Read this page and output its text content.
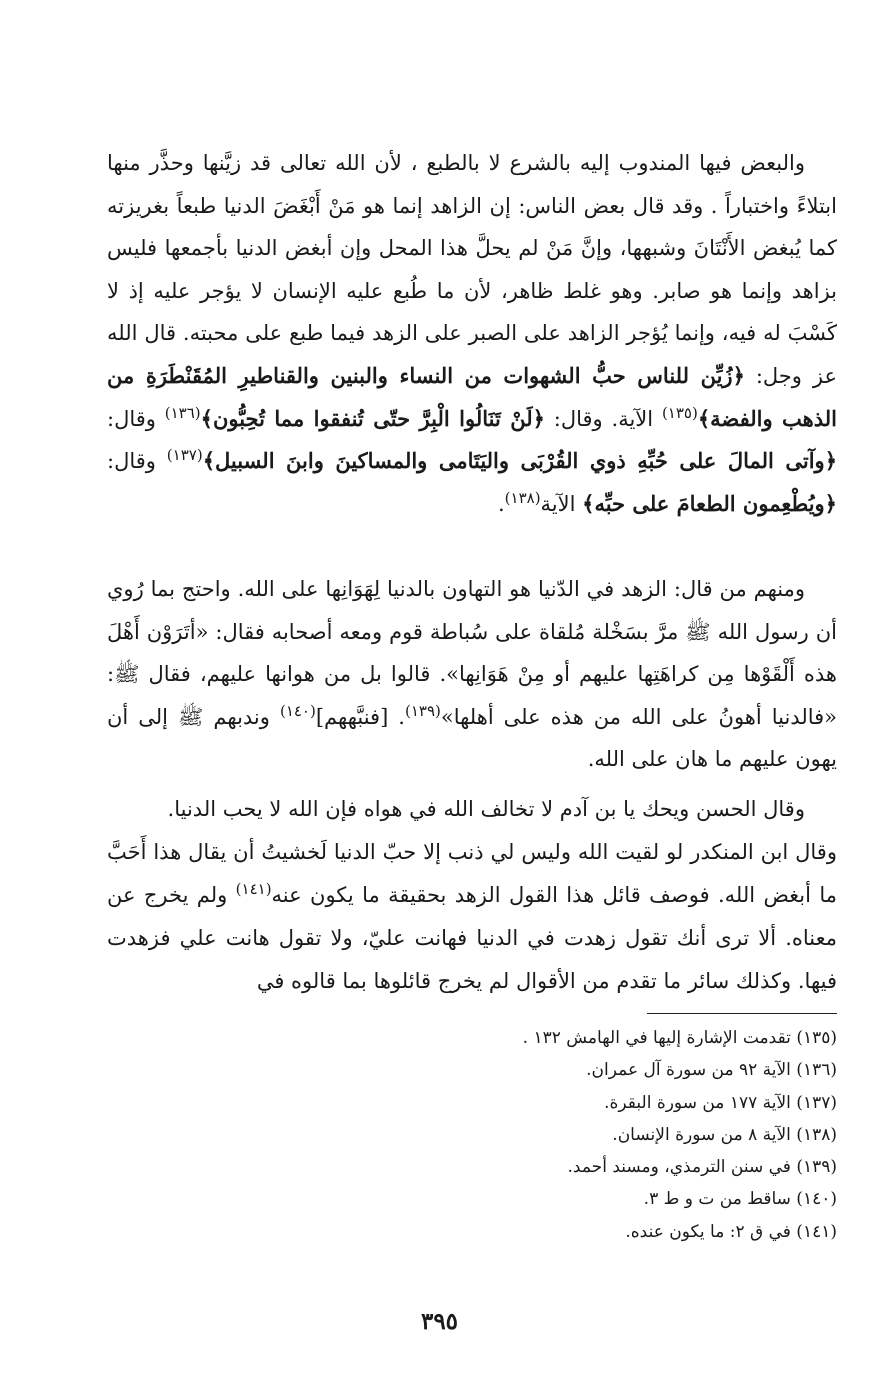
والبعض فيها المندوب إليه بالشرع لا بالطبع ، لأن الله تعالى قد زيَّنها وحذَّر منها ابتلاءً واختباراً . وقد قال بعض الناس: إن الزاهد إنما هو مَنْ أَبْغَضَ الدنيا طبعاً بغريزته كما يُبغض الأَنْتَانَ وشبهها، وإنَّ مَنْ لم يحلَّ هذا المحل وإن أبغض الدنيا بأجمعها فليس بزاهد وإنما هو صابر. وهو غلط ظاهر، لأن ما طُبع عليه الإنسان لا يؤجر عليه إذ لا كَسْبَ له فيه، وإنما يُؤجر الزاهد على الصبر على الزهد فيما طبع على محبته. قال الله عز وجل: ﴿زُيِّن للناس حبُّ الشهوات من النساء والبنين والقناطيرِ المُقَنْطَرَةِ من الذهب والفضة﴾$^{(١٣٥)}$ الآية. وقال: ﴿لَنْ تَنَالُوا الْبِرَّ حتّى تُنفقوا مما تُحِبُّون﴾$^{(١٣٦)}$ وقال: ﴿وآتى المالَ على حُبِّهِ ذوي القُرْبَى واليَتَامى والمساكينَ وابنَ السبيل﴾$^{(١٣٧)}$ وقال: ﴿ويُطْعِمون الطعامَ على حبِّه﴾ الآية$^{(١٣٨)}$.

ومنهم من قال: الزهد في الدّنيا هو التهاون بالدنيا لِهَوَانِها على الله. واحتج بما رُوي أن رسول الله ﷺ مرَّ بسَخْلة مُلقاة على سُباطة قوم ومعه أصحابه فقال: «أتَرَوْن أَهْلَ هذه أَلْقَوْها مِن كراهَتِها عليهم أو مِنْ هَوَانِها». قالوا بل من هوانها عليهم، فقال ﷺ: «فالدنيا أهونُ على الله من هذه على أهلها»$^{(١٣٩)}$. [فنبَّههم]$^{(١٤٠)}$ وندبهم ﷺ إلى أن يهون عليهم ما هان على الله.

وقال الحسن ويحك يا بن آدم لا تخالف الله في هواه فإن الله لا يحب الدنيا.

وقال ابن المنكدر لو لقيت الله وليس لي ذنب إلا حبّ الدنيا لَخشيتُ أن يقال هذا أَحَبَّ ما أبغض الله. فوصف قائل هذا القول الزهد بحقيقة ما يكون عنه$^{(١٤١)}$ ولم يخرج عن معناه. ألا ترى أنك تقول زهدت في الدنيا فهانت عليّ، ولا تقول هانت علي فزهدت فيها. وكذلك سائر ما تقدم من الأقوال لم يخرج قائلوها بما قالوه في

(١٣٥) تقدمت الإشارة إليها في الهامش ١٣٢ .
(١٣٦) الآية ٩٢ من سورة آل عمران.
(١٣٧) الآية ١٧٧ من سورة البقرة.
(١٣٨) الآية ٨ من سورة الإنسان.
(١٣٩) في سنن الترمذي، ومسند أحمد.
(١٤٠) ساقط من ت و ط ٣.
(١٤١) في ق ٢: ما يكون عنده.
٣٩٥
